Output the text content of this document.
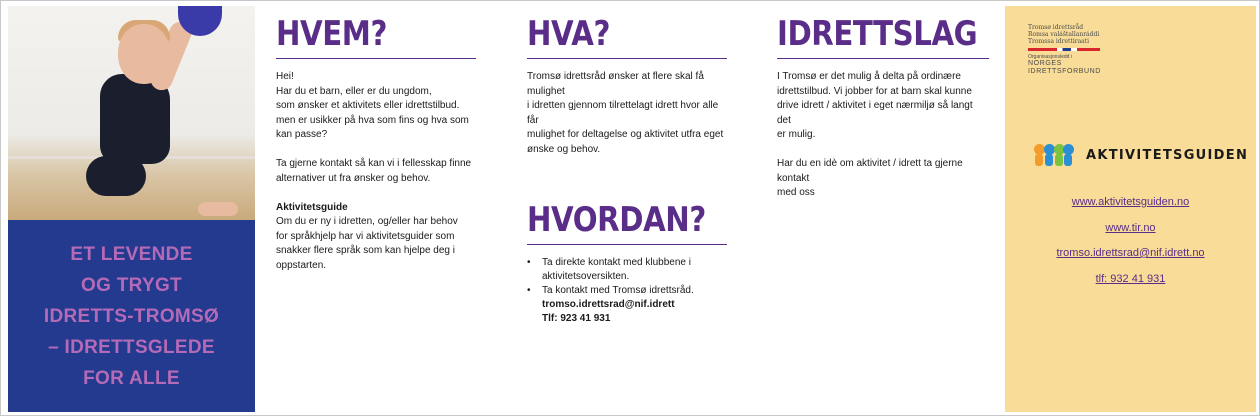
ET LEVENDE
OG TRYGT
IDRETTS-TROMSØ
– IDRETTSGLEDE
FOR ALLE
HVEM?

Hei!

Har du et barn, eller er du ungdom,

som ønsker et aktivitets eller idrettstilbud.

men er usikker på hva som fins og hva som

kan passe?

Ta gjerne kontakt så kan vi i fellesskap finne

alternativer ut fra ønsker og behov.

Aktivitetsguide

Om du er ny i idretten, og/eller har behov

for språkhjelp har vi aktivitetsguider som

snakker flere språk som kan hjelpe deg i

oppstarten.

HVA?

Tromsø idrettsråd ønsker at flere skal få mulighet

i idretten gjennom tilrettelagt idrett hvor alle får

mulighet for deltagelse og aktivitet utfra eget

ønske og behov.

HVORDAN?
• Ta direkte kontakt med klubbene i
aktivitetsoversikten.
• Ta kontakt med Tromsø idrettsråd.
tromso.idrettsrad@nif.idrett
Tlf: 923 41 931
IDRETTSLAG

I Tromsø er det mulig å delta på ordinære

idrettstilbud. Vi jobber for at barn skal kunne

drive idrett / aktivitet i eget nærmiljø så langt det

er mulig.

Har du en idè om aktivitet / idrett ta gjerne kontakt

med oss

Tromsø idrettsråd
Romsa valáštallanráddi
Tromssa idrettiraati
Organisasjonsledd i
NORGES
IDRETTSFORBUND
AKTIVITETSGUIDEN
www.aktivitetsguiden.no
www.tir.no
tromso.idrettsrad@nif.idrett.no
tlf: 932 41 931
